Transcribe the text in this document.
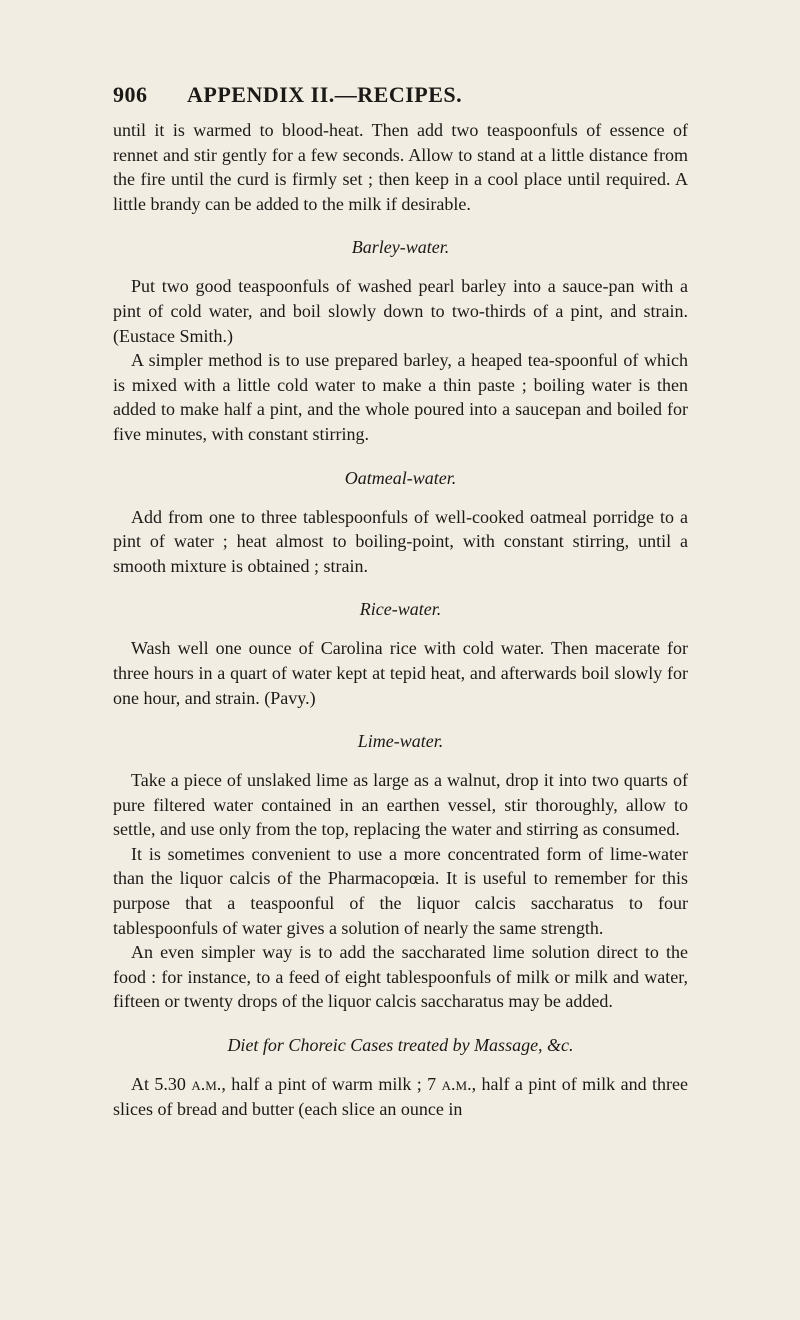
906	APPENDIX II.—RECIPES.

until it is warmed to blood-heat. Then add two teaspoonfuls of essence of rennet and stir gently for a few seconds. Allow to stand at a little distance from the fire until the curd is firmly set ; then keep in a cool place until required. A little brandy can be added to the milk if desirable.

Barley-water.

Put two good teaspoonfuls of washed pearl barley into a sauce-pan with a pint of cold water, and boil slowly down to two-thirds of a pint, and strain. (Eustace Smith.)

A simpler method is to use prepared barley, a heaped tea-spoonful of which is mixed with a little cold water to make a thin paste ; boiling water is then added to make half a pint, and the whole poured into a saucepan and boiled for five minutes, with constant stirring.

Oatmeal-water.

Add from one to three tablespoonfuls of well-cooked oatmeal porridge to a pint of water ; heat almost to boiling-point, with constant stirring, until a smooth mixture is obtained ; strain.

Rice-water.

Wash well one ounce of Carolina rice with cold water. Then macerate for three hours in a quart of water kept at tepid heat, and afterwards boil slowly for one hour, and strain. (Pavy.)

Lime-water.

Take a piece of unslaked lime as large as a walnut, drop it into two quarts of pure filtered water contained in an earthen vessel, stir thoroughly, allow to settle, and use only from the top, replacing the water and stirring as consumed.

It is sometimes convenient to use a more concentrated form of lime-water than the liquor calcis of the Pharmacopœia. It is useful to remember for this purpose that a teaspoonful of the liquor calcis saccharatus to four tablespoonfuls of water gives a solution of nearly the same strength.

An even simpler way is to add the saccharated lime solution direct to the food : for instance, to a feed of eight tablespoonfuls of milk or milk and water, fifteen or twenty drops of the liquor calcis saccharatus may be added.

Diet for Choreic Cases treated by Massage, &c.

At 5.30 a.m., half a pint of warm milk ; 7 a.m., half a pint of milk and three slices of bread and butter (each slice an ounce in
